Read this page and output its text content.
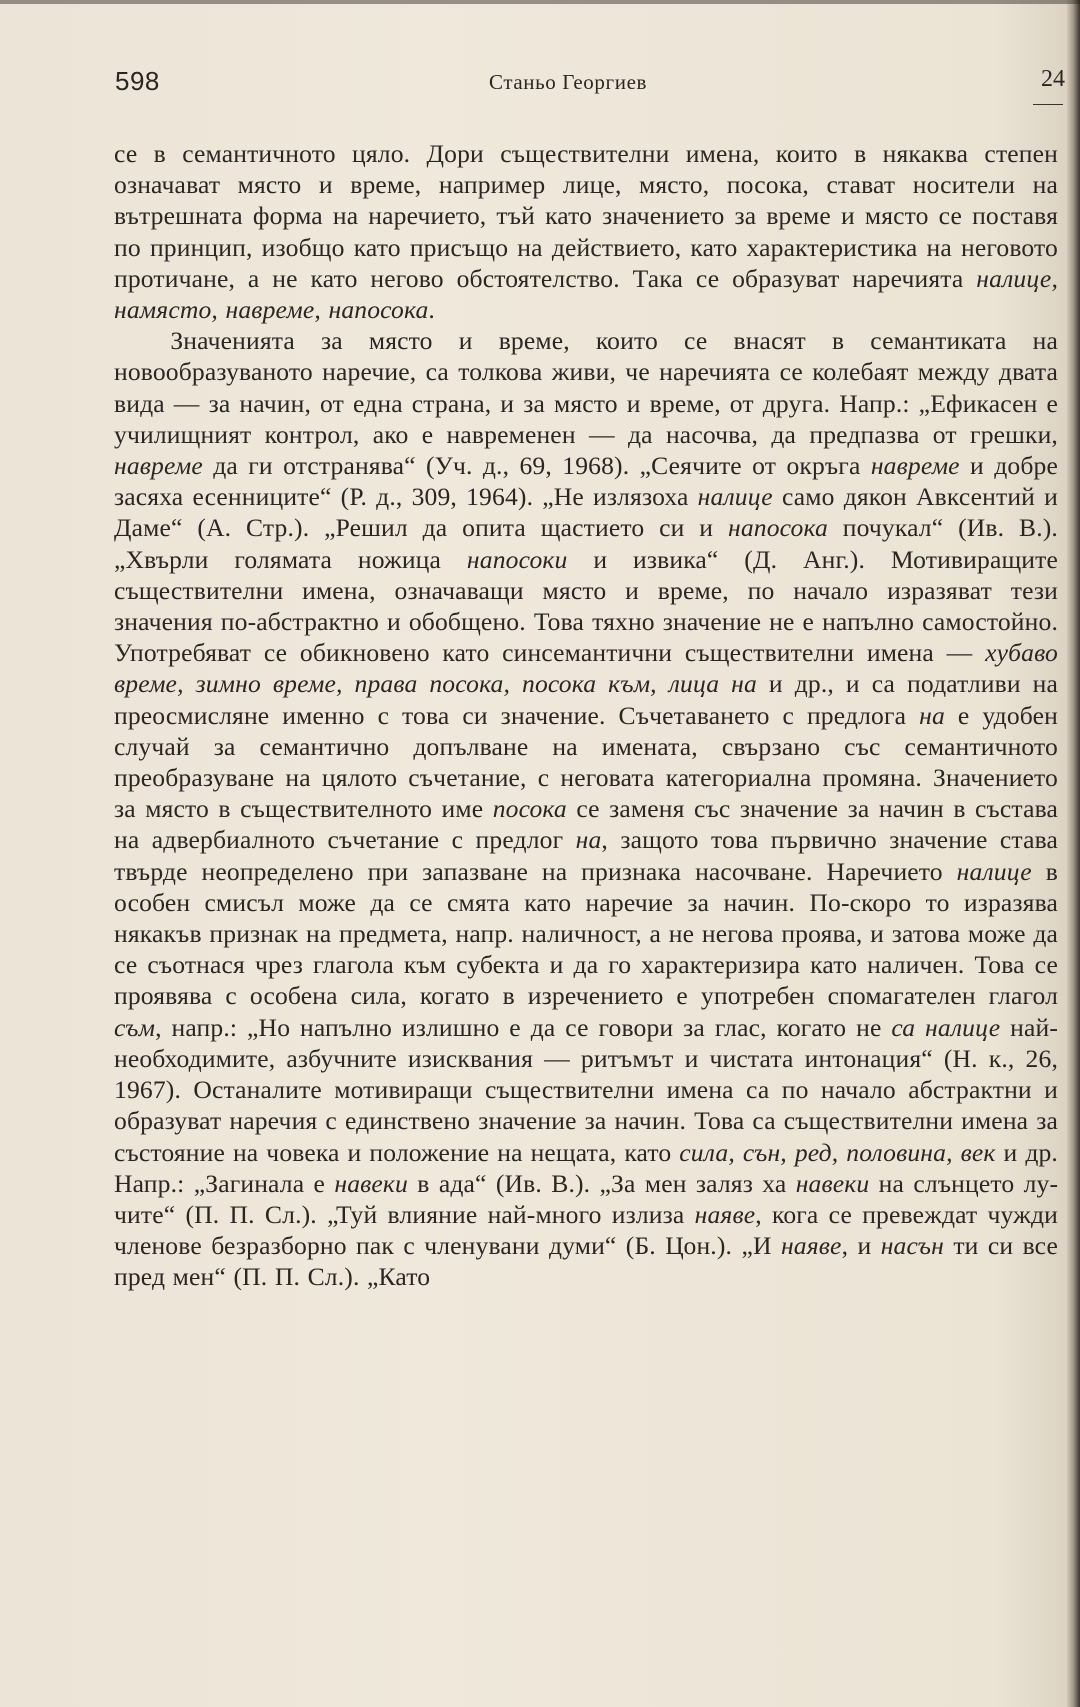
598	Станьо Георгиев	24

се в семантичното цяло. Дори съществителни имена, които в някаква степен означават място и време, например лице, място, посока, стават носители на вътрешната форма на наречието, тъй като значението за време и място се поставя по принцип, изобщо като присъщо на действието, като характеристика на неговото протичане, а не като негово обстоятелство. Така се образуват наречията налице, намясто, навреме, напосока.

Значенията за място и време, които се внасят в семантиката на новообразуваното наречие, са толкова живи, че наречията се колебаят между двата вида — за начин, от една страна, и за място и време, от друга. Напр.: „Ефикасен е училищният контрол, ако е навременен — да насочва, да предпазва от грешки, навреме да ги отстранява“ (Уч. д., 69, 1968). „Сеячите от окръга навреме и добре засяха есенниците“ (Р. д., 309, 1964). „Не излязоха налице само дякон Авксентий и Даме“ (А. Стр.). „Решил да опита щастието си и напосока почукал“ (Ив. В.). „Хвърли голямата ножица напосоки и извика“ (Д. Анг.). Мотивиращите съществителни имена, означаващи място и време, по начало изразяват тези значения по-абстрактно и обобщено. Това тяхно значение не е напълно самостойно. Употребяват се обикновено като синсемантични съществителни имена — хубаво време, зимно време, права посока, посока към, лица на и др., и са податливи на преосмисляне именно с това си значение. Съчетаването с предлога на е удобен случай за семантично допълване на имената, свързано със семантичното преобразуване на цялото съчетание, с неговата категориална промяна. Значението за място в съществителното име посока се заменя със значение за начин в състава на адвербиалното съчетание с предлог на, защото това първично значение става твърде неопределено при запазване на признака насочване. Наречието налице в особен смисъл може да се смята като наречие за начин. По-скоро то изразява някакъв признак на предмета, напр. наличност, а не негова проява, и затова може да се съотнася чрез глагола към субекта и да го характеризира като наличен. Това се проявява с особена сила, когато в изречението е употребен спомагателен глагол съм, напр.: „Но напълно излишно е да се говори за глас, когато не са налице най-необходимите, азбучните изисквания — ритъмът и чистата интонация“ (Н. к., 26, 1967). Останалите мотивиращи съществителни имена са по начало абстрактни и образуват наречия с единствено значение за начин. Това са съществителни имена за състояние на човека и положение на нещата, като сила, сън, ред, половина, век и др. Напр.: „Загинала е навеки в ада“ (Ив. В.). „За мен заляз ха навеки на слънцето лучите“ (П. П. Сл.). „Туй влияние най-много излиза наяве, кога се превеждат чужди членове безразборно пак с членувани думи“ (Б. Цон.). „И наяве, и насън ти си все пред мен“ (П. П. Сл.). „Като
